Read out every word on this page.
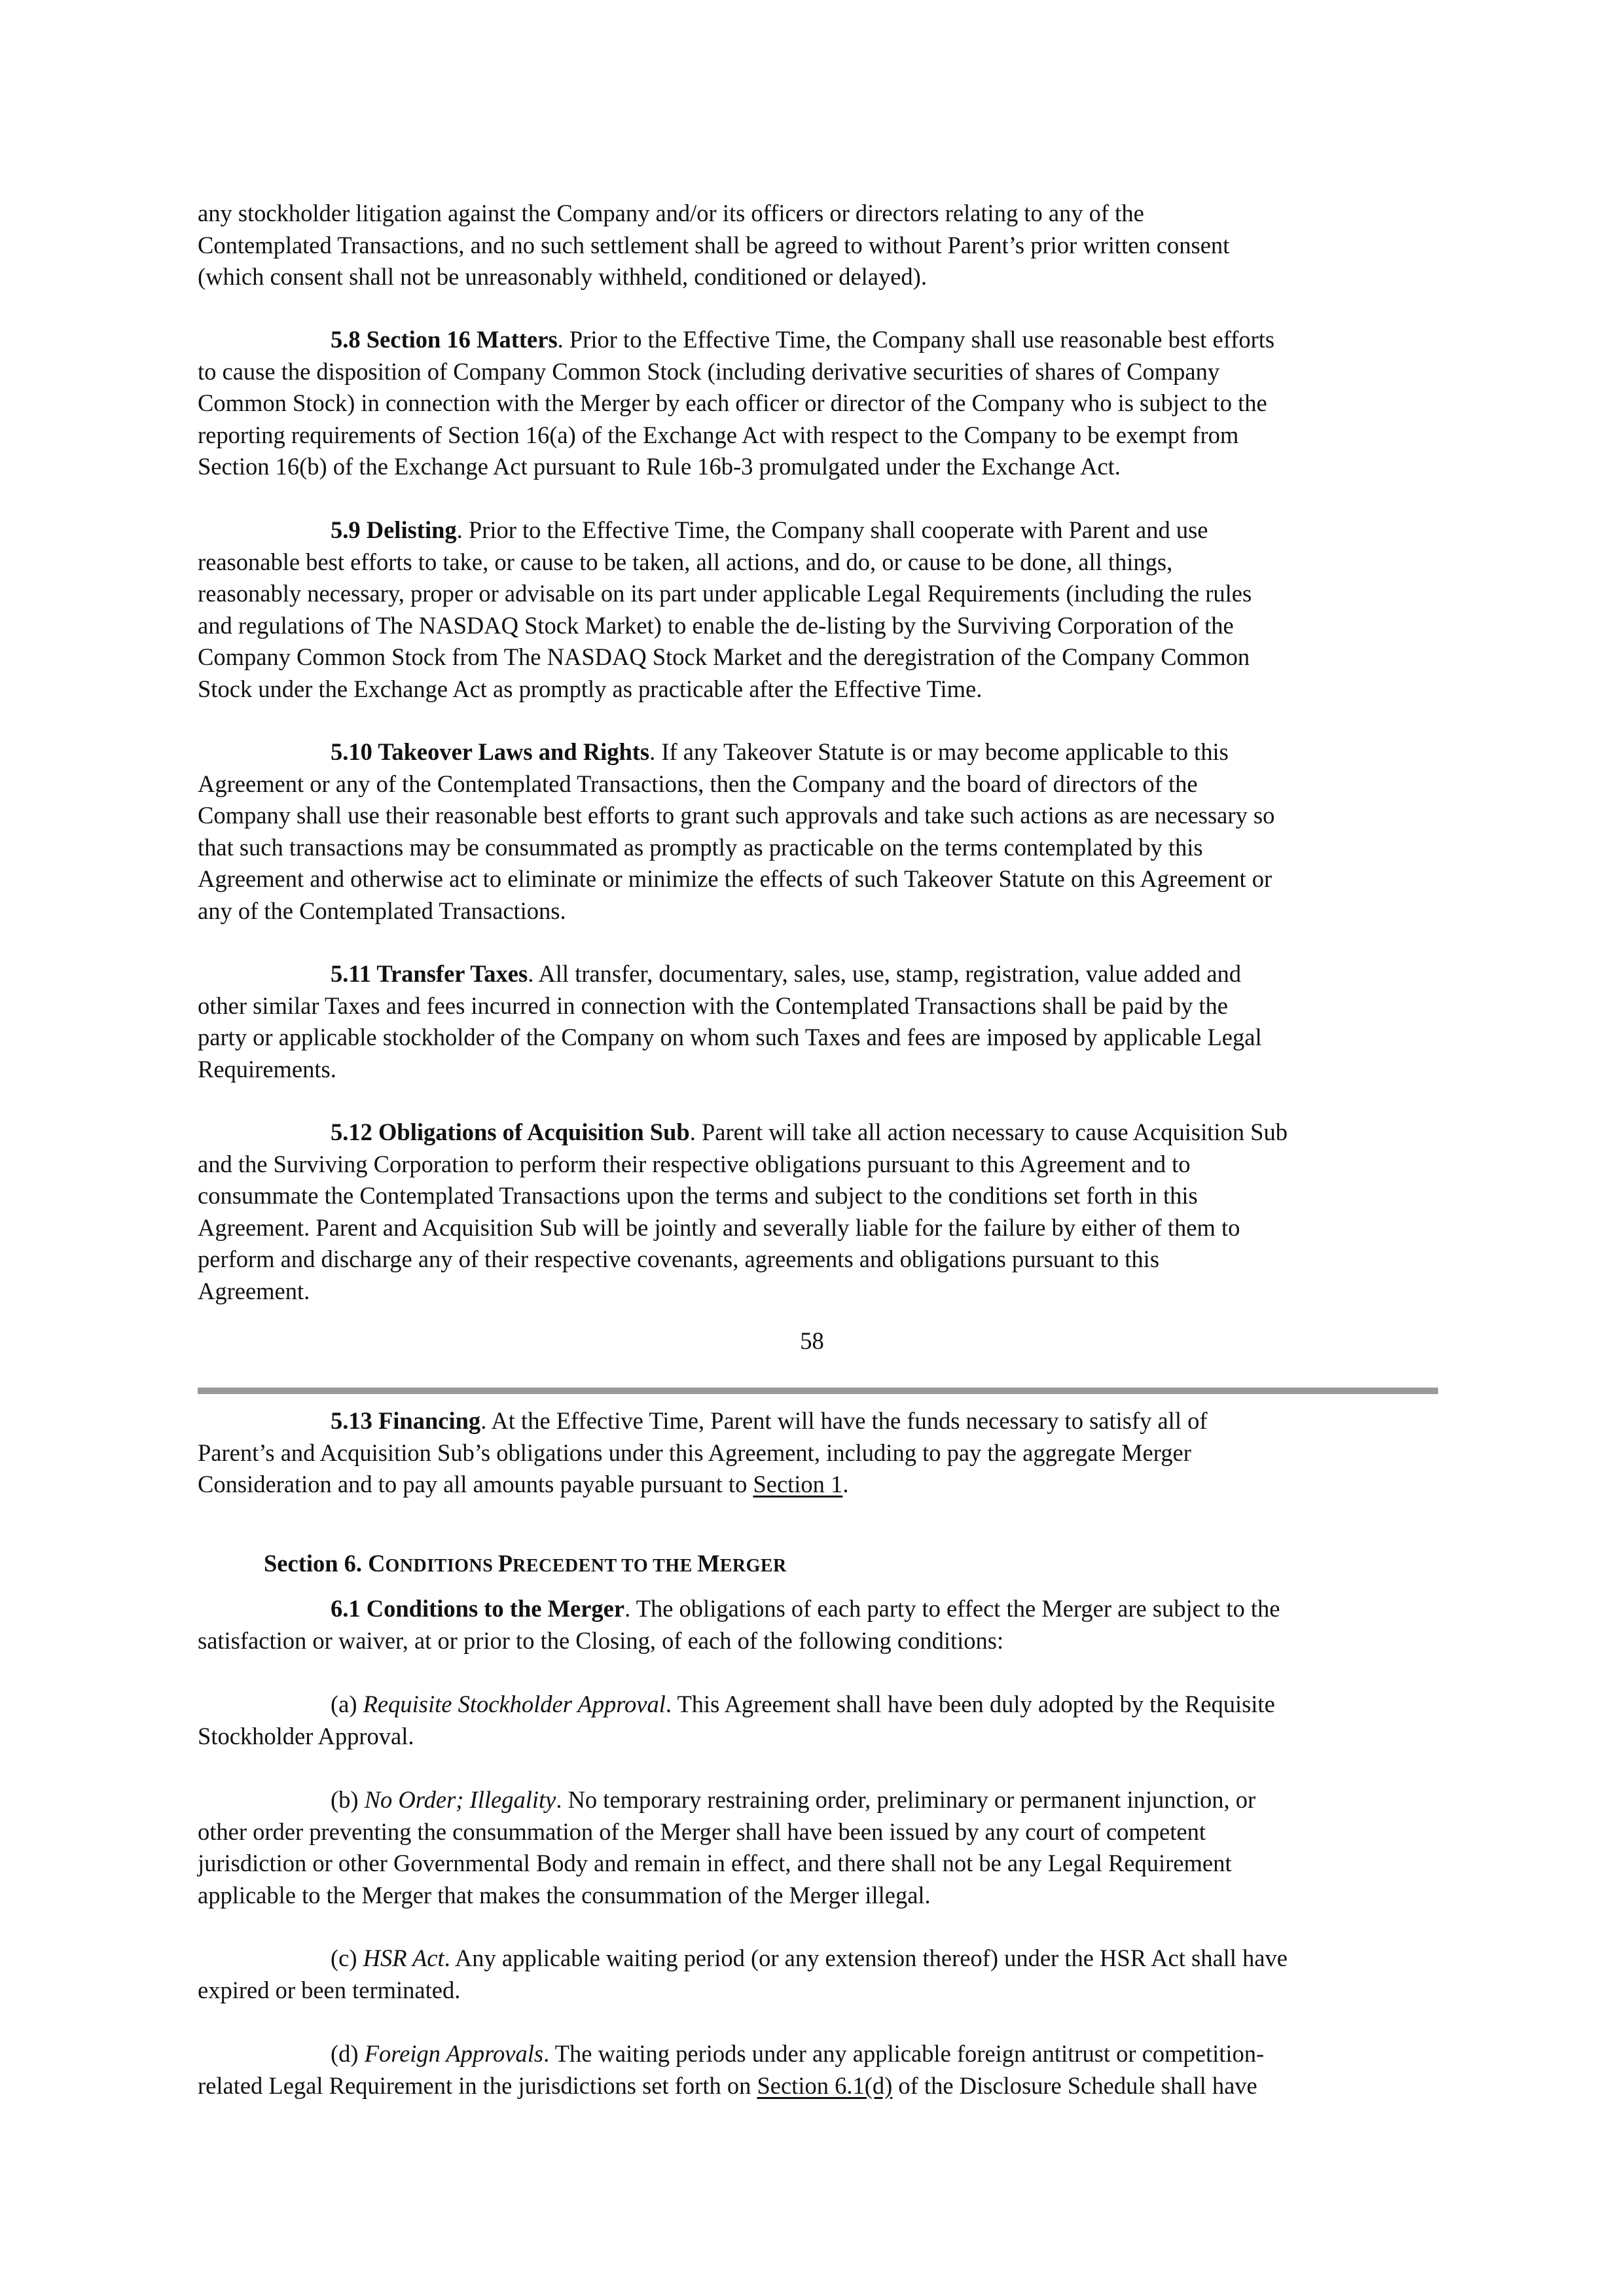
any stockholder litigation against the Company and/or its officers or directors relating to any of the
Contemplated Transactions, and no such settlement shall be agreed to without Parent’s prior written consent
(which consent shall not be unreasonably withheld, conditioned or delayed).

5.8 Section 16 Matters. Prior to the Effective Time, the Company shall use reasonable best efforts
to cause the disposition of Company Common Stock (including derivative securities of shares of Company
Common Stock) in connection with the Merger by each officer or director of the Company who is subject to the
reporting requirements of Section 16(a) of the Exchange Act with respect to the Company to be exempt from
Section 16(b) of the Exchange Act pursuant to Rule 16b-3 promulgated under the Exchange Act.

5.9 Delisting. Prior to the Effective Time, the Company shall cooperate with Parent and use
reasonable best efforts to take, or cause to be taken, all actions, and do, or cause to be done, all things,
reasonably necessary, proper or advisable on its part under applicable Legal Requirements (including the rules
and regulations of The NASDAQ Stock Market) to enable the de-listing by the Surviving Corporation of the
Company Common Stock from The NASDAQ Stock Market and the deregistration of the Company Common
Stock under the Exchange Act as promptly as practicable after the Effective Time.

5.10 Takeover Laws and Rights. If any Takeover Statute is or may become applicable to this
Agreement or any of the Contemplated Transactions, then the Company and the board of directors of the
Company shall use their reasonable best efforts to grant such approvals and take such actions as are necessary so
that such transactions may be consummated as promptly as practicable on the terms contemplated by this
Agreement and otherwise act to eliminate or minimize the effects of such Takeover Statute on this Agreement or
any of the Contemplated Transactions.

5.11 Transfer Taxes. All transfer, documentary, sales, use, stamp, registration, value added and
other similar Taxes and fees incurred in connection with the Contemplated Transactions shall be paid by the
party or applicable stockholder of the Company on whom such Taxes and fees are imposed by applicable Legal
Requirements.

5.12 Obligations of Acquisition Sub. Parent will take all action necessary to cause Acquisition Sub
and the Surviving Corporation to perform their respective obligations pursuant to this Agreement and to
consummate the Contemplated Transactions upon the terms and subject to the conditions set forth in this
Agreement. Parent and Acquisition Sub will be jointly and severally liable for the failure by either of them to
perform and discharge any of their respective covenants, agreements and obligations pursuant to this
Agreement.

58

5.13 Financing. At the Effective Time, Parent will have the funds necessary to satisfy all of
Parent’s and Acquisition Sub’s obligations under this Agreement, including to pay the aggregate Merger
Consideration and to pay all amounts payable pursuant to Section 1.

Section 6. CONDITIONS PRECEDENT TO THE MERGER

6.1 Conditions to the Merger. The obligations of each party to effect the Merger are subject to the
satisfaction or waiver, at or prior to the Closing, of each of the following conditions:

(a) Requisite Stockholder Approval. This Agreement shall have been duly adopted by the Requisite
Stockholder Approval.

(b) No Order; Illegality. No temporary restraining order, preliminary or permanent injunction, or
other order preventing the consummation of the Merger shall have been issued by any court of competent
jurisdiction or other Governmental Body and remain in effect, and there shall not be any Legal Requirement
applicable to the Merger that makes the consummation of the Merger illegal.

(c) HSR Act. Any applicable waiting period (or any extension thereof) under the HSR Act shall have
expired or been terminated.

(d) Foreign Approvals. The waiting periods under any applicable foreign antitrust or competition-
related Legal Requirement in the jurisdictions set forth on Section 6.1(d) of the Disclosure Schedule shall have
